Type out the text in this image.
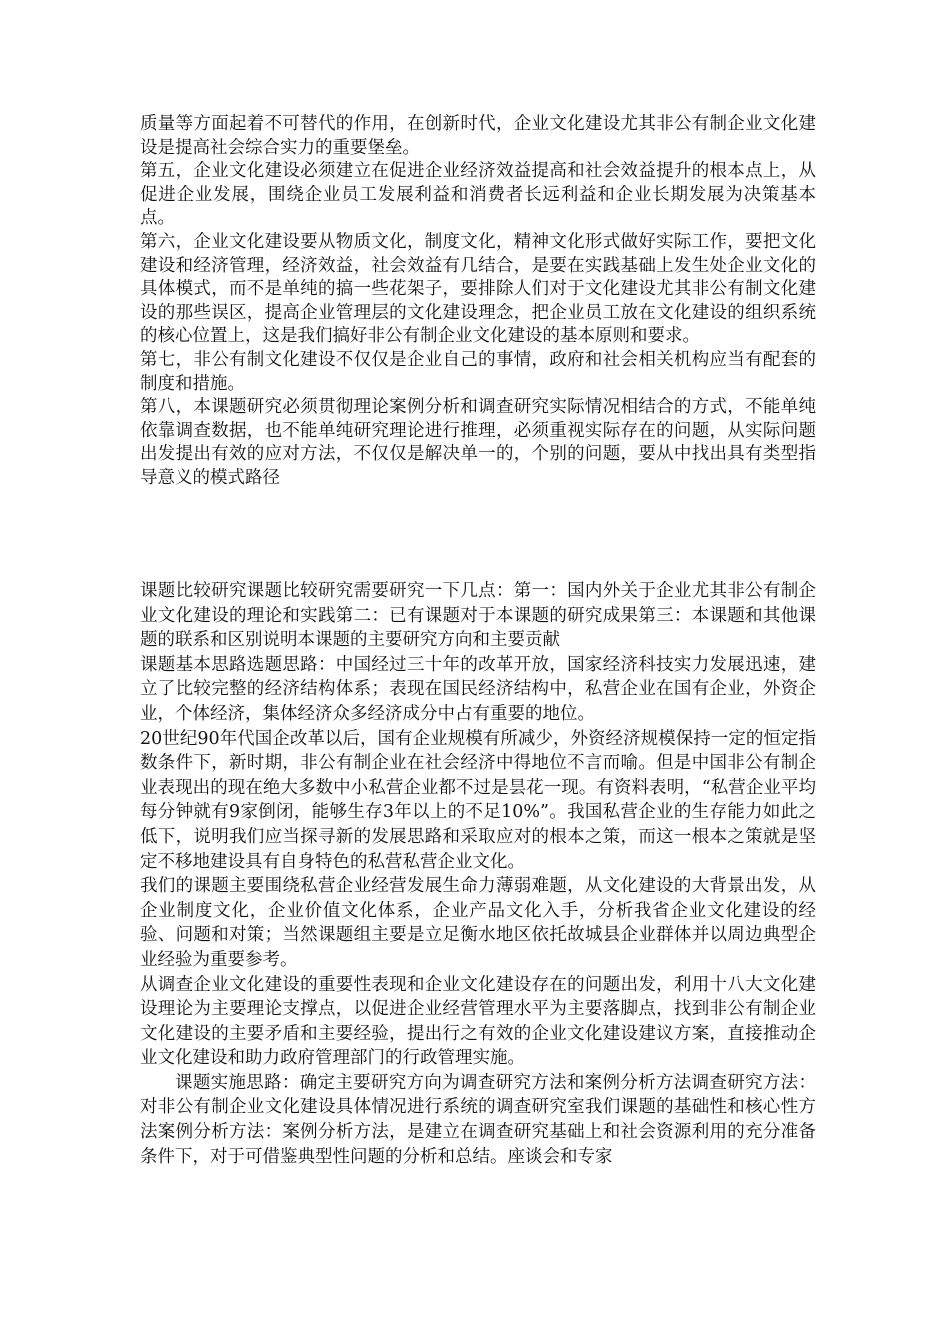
质量等方面起着不可替代的作用，在创新时代，企业文化建设尤其非公有制企业文化建设是提高社会综合实力的重要堡垒。

第五，企业文化建设必须建立在促进企业经济效益提高和社会效益提升的根本点上，从促进企业发展，围绕企业员工发展利益和消费者长远利益和企业长期发展为决策基本点。

第六，企业文化建设要从物质文化，制度文化，精神文化形式做好实际工作，要把文化建设和经济管理，经济效益，社会效益有几结合，是要在实践基础上发生处企业文化的具体模式，而不是单纯的搞一些花架子，要排除人们对于文化建设尤其非公有制文化建设的那些误区，提高企业管理层的文化建设理念，把企业员工放在文化建设的组织系统的核心位置上，这是我们搞好非公有制企业文化建设的基本原则和要求。

第七，非公有制文化建设不仅仅是企业自己的事情，政府和社会相关机构应当有配套的制度和措施。

第八，本课题研究必须贯彻理论案例分析和调查研究实际情况相结合的方式，不能单纯依靠调查数据，也不能单纯研究理论进行推理，必须重视实际存在的问题，从实际问题出发提出有效的应对方法，不仅仅是解决单一的，个别的问题，要从中找出具有类型指导意义的模式路径

课题比较研究课题比较研究需要研究一下几点：第一：国内外关于企业尤其非公有制企业文化建设的理论和实践第二：已有课题对于本课题的研究成果第三：本课题和其他课题的联系和区别说明本课题的主要研究方向和主要贡献

课题基本思路选题思路：中国经过三十年的改革开放，国家经济科技实力发展迅速，建立了比较完整的经济结构体系；表现在国民经济结构中，私营企业在国有企业，外资企业，个体经济，集体经济众多经济成分中占有重要的地位。

20世纪90年代国企改革以后，国有企业规模有所减少，外资经济规模保持一定的恒定指数条件下，新时期，非公有制企业在社会经济中得地位不言而喻。但是中国非公有制企业表现出的现在绝大多数中小私营企业都不过是昙花一现。有资料表明，“私营企业平均每分钟就有9家倒闭，能够生存3年以上的不足10%”。我国私营企业的生存能力如此之低下，说明我们应当探寻新的发展思路和采取应对的根本之策，而这一根本之策就是坚定不移地建设具有自身特色的私营私营企业文化。

我们的课题主要围绕私营企业经营发展生命力薄弱难题，从文化建设的大背景出发，从企业制度文化，企业价值文化体系，企业产品文化入手，分析我省企业文化建设的经验、问题和对策；当然课题组主要是立足衡水地区依托故城县企业群体并以周边典型企业经验为重要参考。

从调查企业文化建设的重要性表现和企业文化建设存在的问题出发，利用十八大文化建设理论为主要理论支撑点，以促进企业经营管理水平为主要落脚点，找到非公有制企业文化建设的主要矛盾和主要经验，提出行之有效的企业文化建设建议方案，直接推动企业文化建设和助力政府管理部门的行政管理实施。

课题实施思路：确定主要研究方向为调查研究方法和案例分析方法调查研究方法：对非公有制企业文化建设具体情况进行系统的调查研究室我们课题的基础性和核心性方法案例分析方法：案例分析方法，是建立在调查研究基础上和社会资源利用的充分准备条件下，对于可借鉴典型性问题的分析和总结。座谈会和专家
